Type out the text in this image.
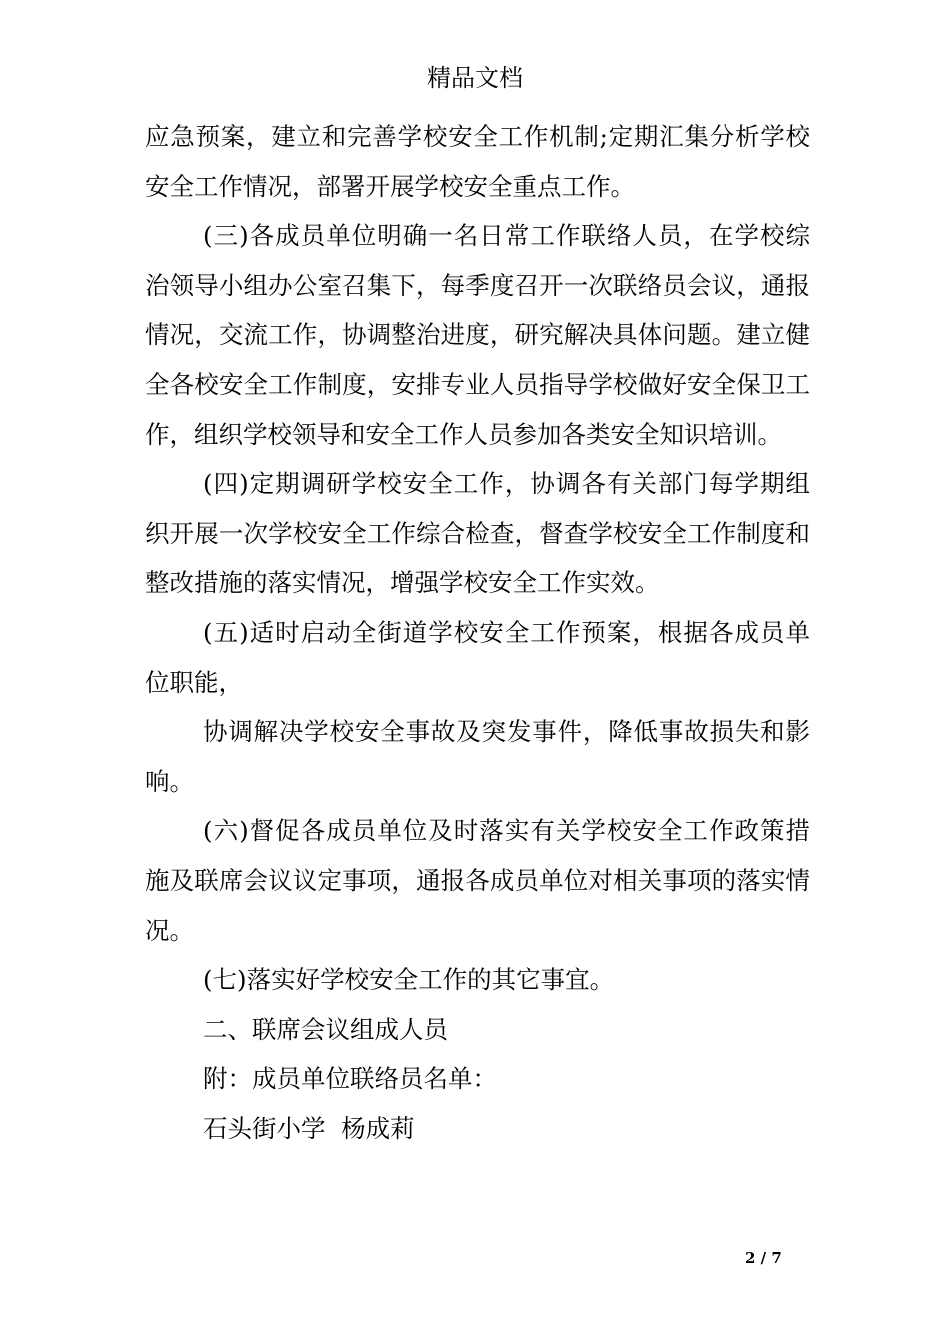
精品文档

应急预案，建立和完善学校安全工作机制;定期汇集分析学校安全工作情况，部署开展学校安全重点工作。

(三)各成员单位明确一名日常工作联络人员，在学校综治领导小组办公室召集下，每季度召开一次联络员会议，通报情况，交流工作，协调整治进度，研究解决具体问题。建立健全各校安全工作制度，安排专业人员指导学校做好安全保卫工作，组织学校领导和安全工作人员参加各类安全知识培训。

(四)定期调研学校安全工作，协调各有关部门每学期组织开展一次学校安全工作综合检查，督查学校安全工作制度和整改措施的落实情况，增强学校安全工作实效。

(五)适时启动全街道学校安全工作预案，根据各成员单位职能，

协调解决学校安全事故及突发事件，降低事故损失和影响。

(六)督促各成员单位及时落实有关学校安全工作政策措施及联席会议议定事项，通报各成员单位对相关事项的落实情况。

(七)落实好学校安全工作的其它事宜。

二、联席会议组成人员

附：成员单位联络员名单：

石头街小学  杨成莉

2 / 7
